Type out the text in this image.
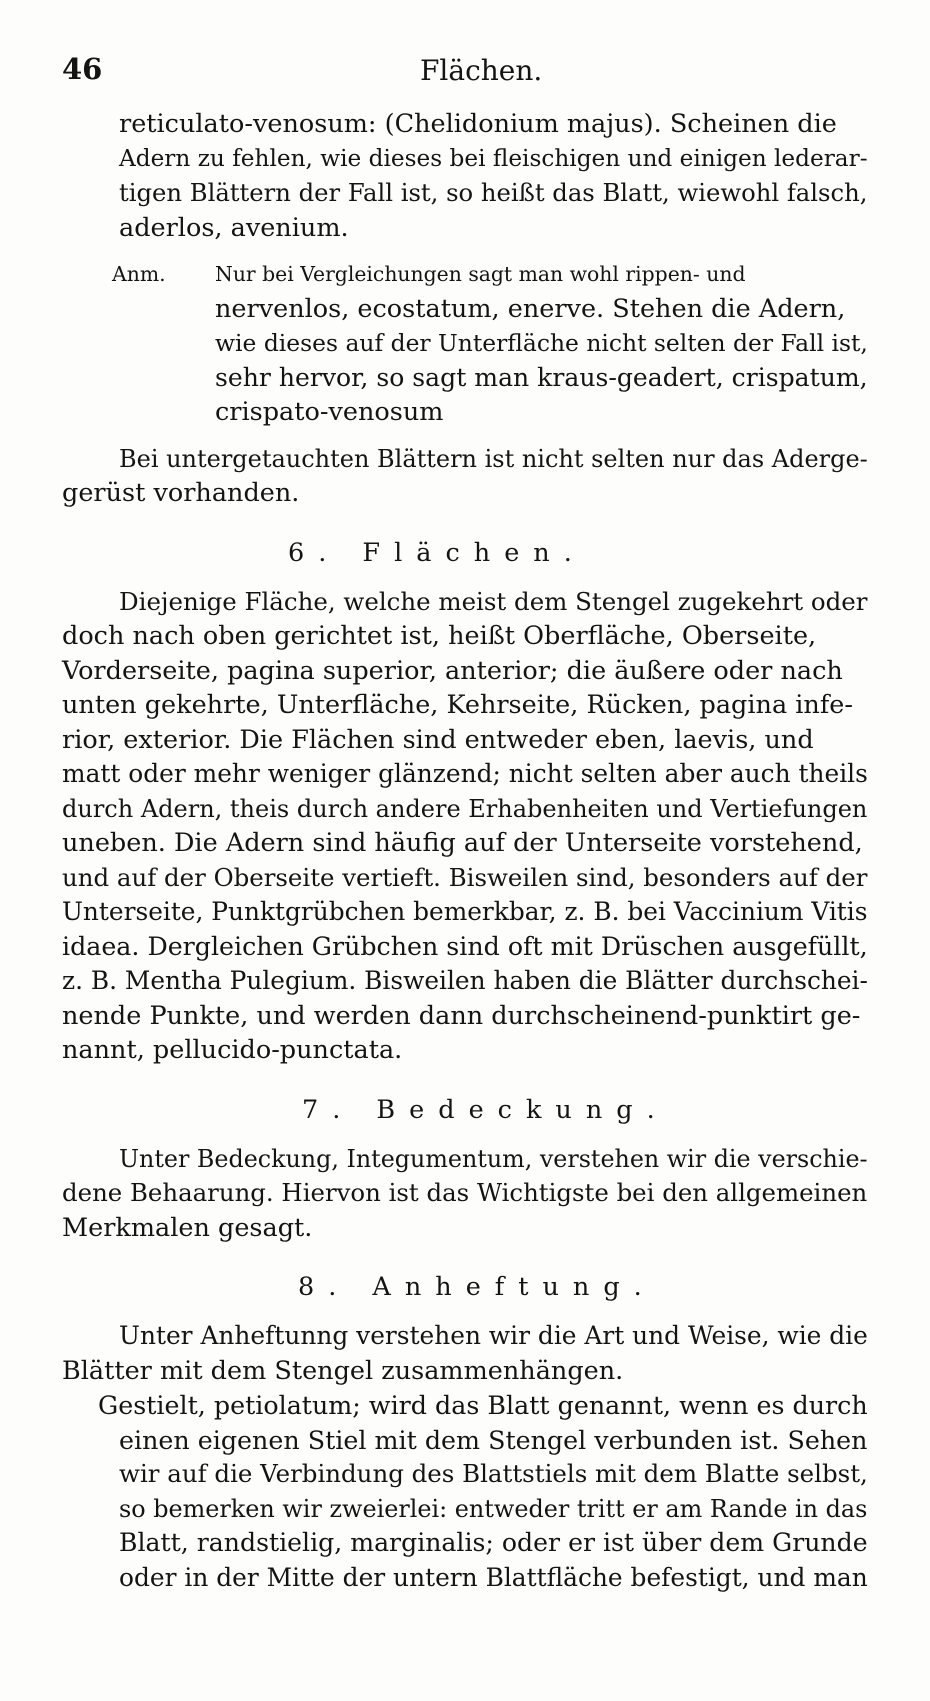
46	Flächen.
reticulato-venosum: (Chelidonium majus). Scheinen die
Adern zu fehlen, wie dieses bei fleischigen und einigen lederar-
tigen Blättern der Fall ist, so heißt das Blatt, wiewohl falsch,
aderlos, avenium.
Anm. Nur bei Vergleichungen sagt man wohl rippen- und
nervenlos, ecostatum, enerve. Stehen die Adern,
wie dieses auf der Unterfläche nicht selten der Fall ist,
sehr hervor, so sagt man kraus-geadert, crispatum,
crispato-venosum
Bei untergetauchten Blättern ist nicht selten nur das Aderge-
gerüst vorhanden.
6. Flächen.
Diejenige Fläche, welche meist dem Stengel zugekehrt oder
doch nach oben gerichtet ist, heißt Oberfläche, Oberseite,
Vorderseite, pagina superior, anterior; die äußere oder nach
unten gekehrte, Unterfläche, Kehrseite, Rücken, pagina infe-
rior, exterior. Die Flächen sind entweder eben, laevis, und
matt oder mehr weniger glänzend; nicht selten aber auch theils
durch Adern, theis durch andere Erhabenheiten und Vertiefungen
uneben. Die Adern sind häufig auf der Unterseite vorstehend,
und auf der Oberseite vertieft. Bisweilen sind, besonders auf der
Unterseite, Punktgrübchen bemerkbar, z. B. bei Vaccinium Vitis
idaea. Dergleichen Grübchen sind oft mit Drüschen ausgefüllt,
z. B. Mentha Pulegium. Bisweilen haben die Blätter durchschei-
nende Punkte, und werden dann durchscheinend-punktirt ge-
nannt, pellucido-punctata.
7. Bedeckung.
Unter Bedeckung, Integumentum, verstehen wir die verschie-
dene Behaarung. Hiervon ist das Wichtigste bei den allgemeinen
Merkmalen gesagt.
8. Anheftung.
Unter Anheftunng verstehen wir die Art und Weise, wie die
Blätter mit dem Stengel zusammenhängen.
Gestielt, petiolatum; wird das Blatt genannt, wenn es durch
einen eigenen Stiel mit dem Stengel verbunden ist. Sehen
wir auf die Verbindung des Blattstiels mit dem Blatte selbst,
so bemerken wir zweierlei: entweder tritt er am Rande in das
Blatt, randstielig, marginalis; oder er ist über dem Grunde
oder in der Mitte der untern Blattfläche befestigt, und man
